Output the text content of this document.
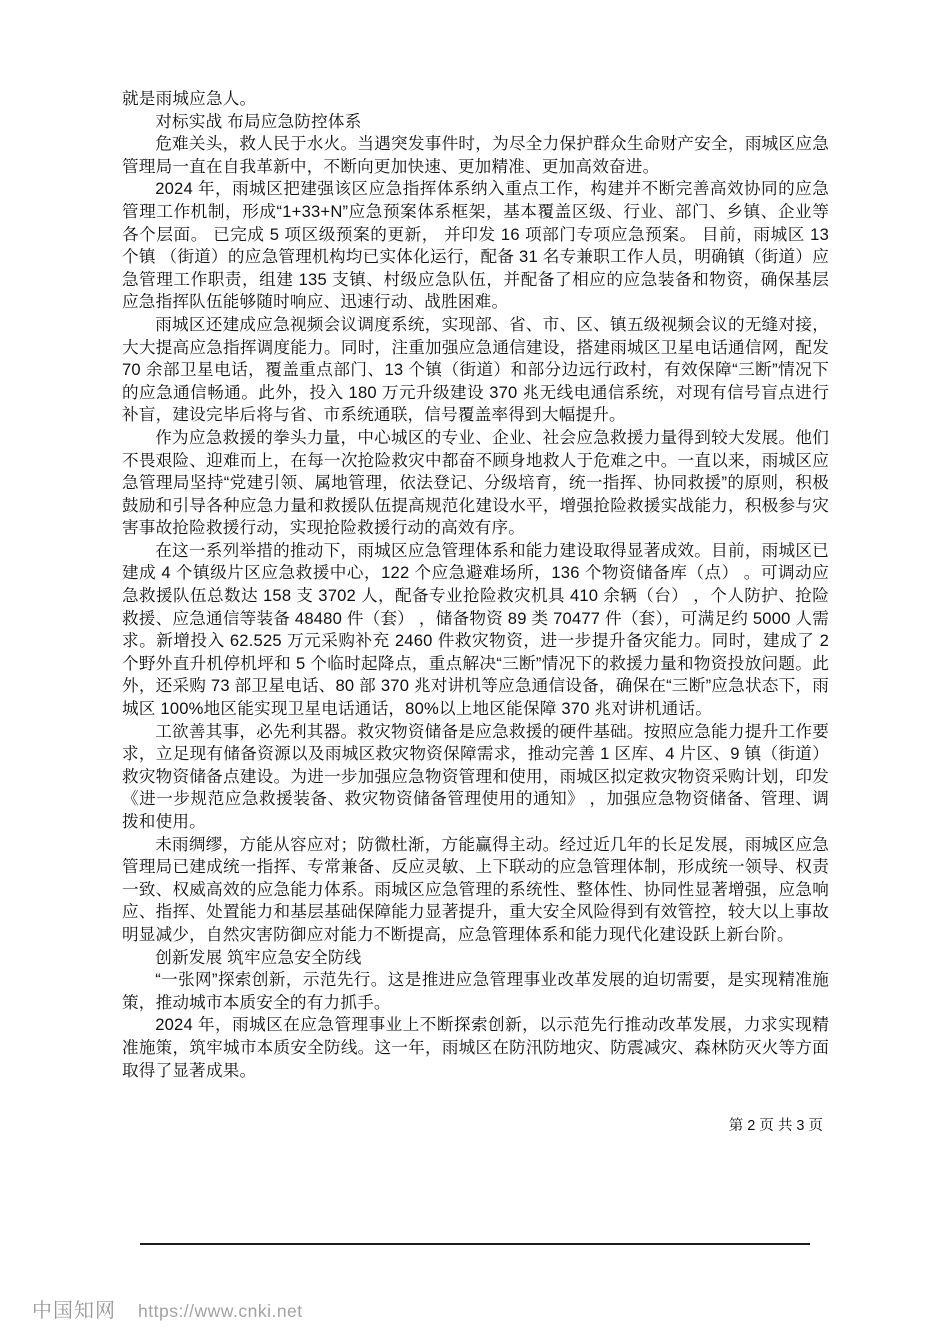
就是雨城应急人。

对标实战 布局应急防控体系

危难关头，救人民于水火。当遇突发事件时，为尽全力保护群众生命财产安全，雨城区应急管理局一直在自我革新中，不断向更加快速、更加精准、更加高效奋进。

2024 年，雨城区把建强该区应急指挥体系纳入重点工作，构建并不断完善高效协同的应急管理工作机制，形成“1+33+N”应急预案体系框架，基本覆盖区级、行业、部门、乡镇、企业等各个层面。 已完成 5 项区级预案的更新， 并印发 16 项部门专项应急预案。 目前，雨城区 13 个镇 （街道）的应急管理机构均已实体化运行，配备 31 名专兼职工作人员，明确镇（街道）应急管理工作职责，组建 135 支镇、村级应急队伍，并配备了相应的应急装备和物资，确保基层应急指挥队伍能够随时响应、迅速行动、战胜困难。

雨城区还建成应急视频会议调度系统，实现部、省、市、区、镇五级视频会议的无缝对接，大大提高应急指挥调度能力。同时，注重加强应急通信建设，搭建雨城区卫星电话通信网，配发 70 余部卫星电话，覆盖重点部门、13 个镇（街道）和部分边远行政村，有效保障“三断”情况下的应急通信畅通。此外，投入 180 万元升级建设 370 兆无线电通信系统，对现有信号盲点进行补盲，建设完毕后将与省、市系统通联，信号覆盖率得到大幅提升。

作为应急救援的拳头力量，中心城区的专业、企业、社会应急救援力量得到较大发展。他们不畏艰险、迎难而上，在每一次抢险救灾中都奋不顾身地救人于危难之中。一直以来，雨城区应急管理局坚持“党建引领、属地管理，依法登记、分级培育，统一指挥、协同救援”的原则，积极鼓励和引导各种应急力量和救援队伍提高规范化建设水平，增强抢险救援实战能力，积极参与灾害事故抢险救援行动，实现抢险救援行动的高效有序。

在这一系列举措的推动下，雨城区应急管理体系和能力建设取得显著成效。目前，雨城区已建成 4 个镇级片区应急救援中心，122 个应急避难场所，136 个物资储备库（点） 。可调动应急救援队伍总数达 158 支 3702 人，配备专业抢险救灾机具 410 余辆（台） ，个人防护、抢险救援、应急通信等装备 48480 件（套） ，储备物资 89 类 70477 件（套），可满足约 5000 人需求。新增投入 62.525 万元采购补充 2460 件救灾物资，进一步提升备灾能力。同时，建成了 2 个野外直升机停机坪和 5 个临时起降点，重点解决“三断”情况下的救援力量和物资投放问题。此外，还采购 73 部卫星电话、80 部 370 兆对讲机等应急通信设备，确保在“三断”应急状态下，雨城区 100%地区能实现卫星电话通话，80%以上地区能保障 370 兆对讲机通话。

工欲善其事，必先利其器。救灾物资储备是应急救援的硬件基础。按照应急能力提升工作要求，立足现有储备资源以及雨城区救灾物资保障需求，推动完善 1 区库、4 片区、9 镇（街道）救灾物资储备点建设。为进一步加强应急物资管理和使用，雨城区拟定救灾物资采购计划，印发《进一步规范应急救援装备、救灾物资储备管理使用的通知》 ，加强应急物资储备、管理、调拨和使用。

未雨绸缪，方能从容应对；防微杜渐，方能赢得主动。经过近几年的长足发展，雨城区应急管理局已建成统一指挥、专常兼备、反应灵敏、上下联动的应急管理体制，形成统一领导、权责一致、权威高效的应急能力体系。雨城区应急管理的系统性、整体性、协同性显著增强，应急响应、指挥、处置能力和基层基础保障能力显著提升，重大安全风险得到有效管控，较大以上事故明显减少，自然灾害防御应对能力不断提高，应急管理体系和能力现代化建设跃上新台阶。

创新发展 筑牢应急安全防线

“一张网”探索创新，示范先行。这是推进应急管理事业改革发展的迫切需要，是实现精准施策，推动城市本质安全的有力抓手。

2024 年，雨城区在应急管理事业上不断探索创新，以示范先行推动改革发展，力求实现精准施策，筑牢城市本质安全防线。这一年，雨城区在防汛防地灾、防震减灾、森林防灭火等方面取得了显著成果。

第 2 页 共 3 页
中国知网 https://www.cnki.net
